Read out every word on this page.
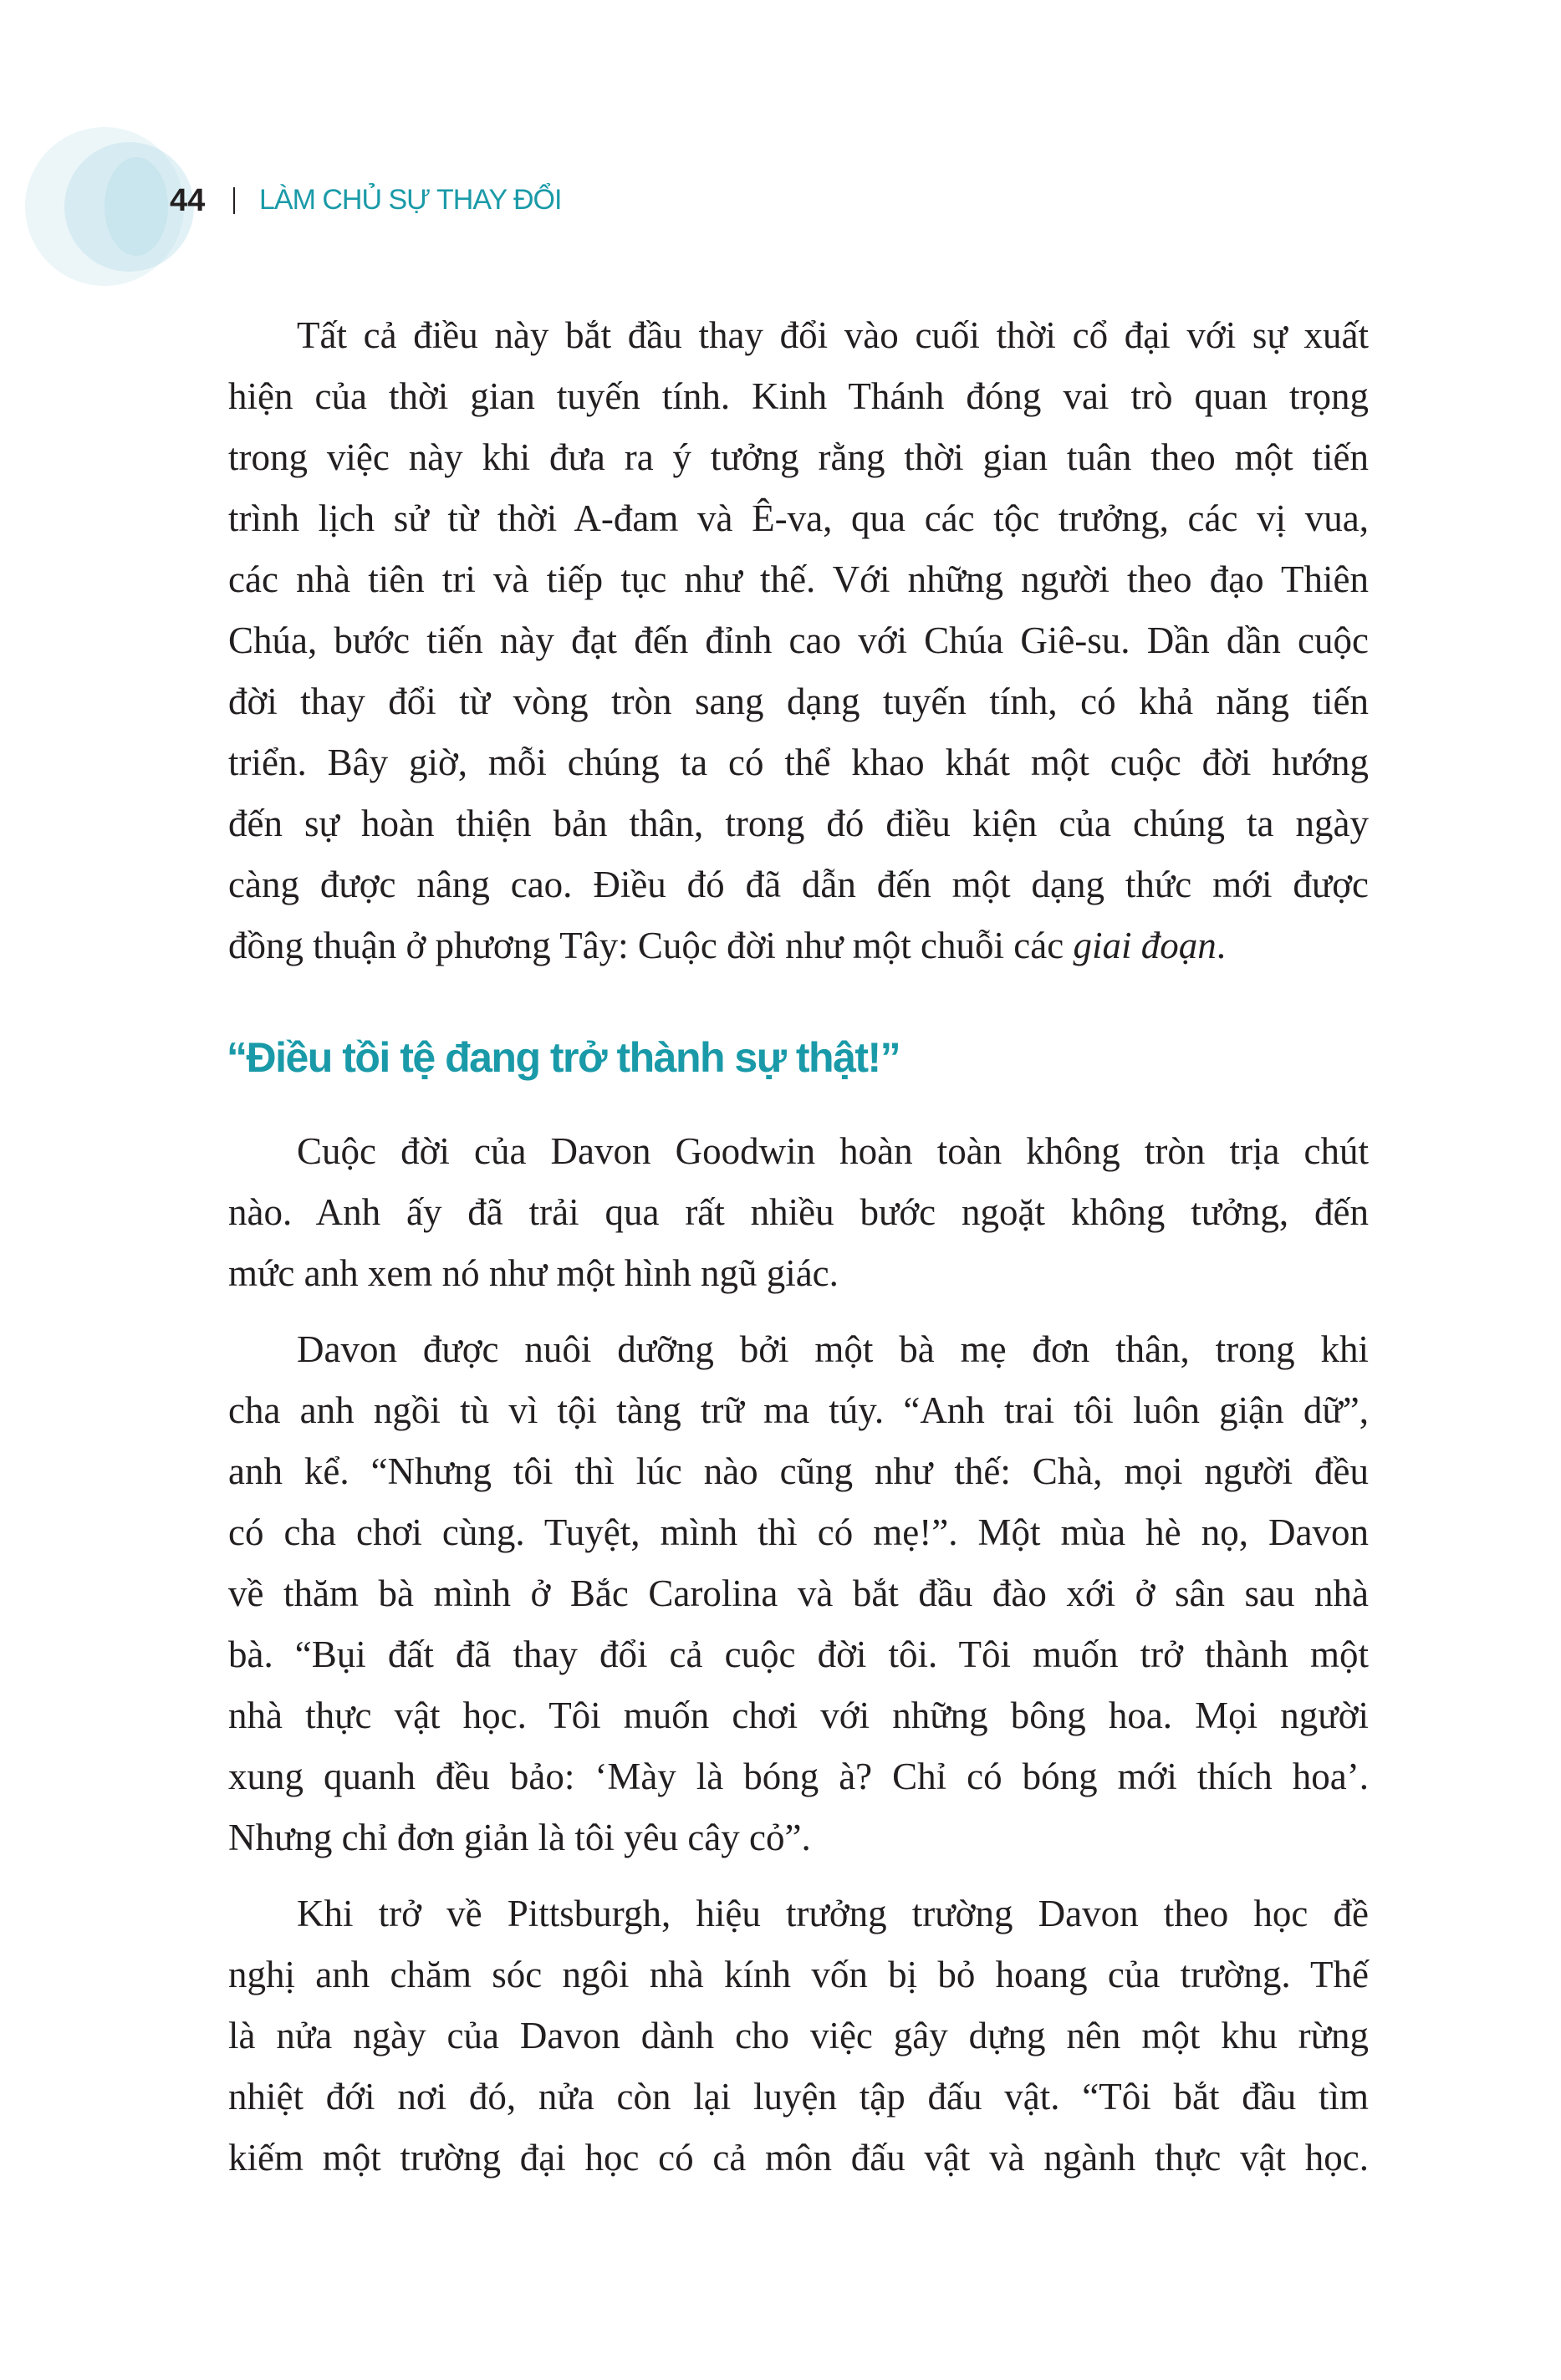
44 LÀM CHỦ SỰ THAY ĐỔI
Tất cả điều này bắt đầu thay đổi vào cuối thời cổ đại với sự xuất
hiện của thời gian tuyến tính. Kinh Thánh đóng vai trò quan trọng
trong việc này khi đưa ra ý tưởng rằng thời gian tuân theo một tiến
trình lịch sử từ thời A-đam và Ê-va, qua các tộc trưởng, các vị vua,
các nhà tiên tri và tiếp tục như thế. Với những người theo đạo Thiên
Chúa, bước tiến này đạt đến đỉnh cao với Chúa Giê-su. Dần dần cuộc
đời thay đổi từ vòng tròn sang dạng tuyến tính, có khả năng tiến
triển. Bây giờ, mỗi chúng ta có thể khao khát một cuộc đời hướng
đến sự hoàn thiện bản thân, trong đó điều kiện của chúng ta ngày
càng được nâng cao. Điều đó đã dẫn đến một dạng thức mới được
đồng thuận ở phương Tây: Cuộc đời như một chuỗi các giai đoạn.
“Điều tồi tệ đang trở thành sự thật!”
Cuộc đời của Davon Goodwin hoàn toàn không tròn trịa chút
nào. Anh ấy đã trải qua rất nhiều bước ngoặt không tưởng, đến
mức anh xem nó như một hình ngũ giác.
Davon được nuôi dưỡng bởi một bà mẹ đơn thân, trong khi
cha anh ngồi tù vì tội tàng trữ ma túy. “Anh trai tôi luôn giận dữ”,
anh kể. “Nhưng tôi thì lúc nào cũng như thế: Chà, mọi người đều
có cha chơi cùng. Tuyệt, mình thì có mẹ!”. Một mùa hè nọ, Davon
về thăm bà mình ở Bắc Carolina và bắt đầu đào xới ở sân sau nhà
bà. “Bụi đất đã thay đổi cả cuộc đời tôi. Tôi muốn trở thành một
nhà thực vật học. Tôi muốn chơi với những bông hoa. Mọi người
xung quanh đều bảo: ‘Mày là bóng à? Chỉ có bóng mới thích hoa’.
Nhưng chỉ đơn giản là tôi yêu cây cỏ”.
Khi trở về Pittsburgh, hiệu trưởng trường Davon theo học đề
nghị anh chăm sóc ngôi nhà kính vốn bị bỏ hoang của trường. Thế
là nửa ngày của Davon dành cho việc gây dựng nên một khu rừng
nhiệt đới nơi đó, nửa còn lại luyện tập đấu vật. “Tôi bắt đầu tìm
kiếm một trường đại học có cả môn đấu vật và ngành thực vật học.
